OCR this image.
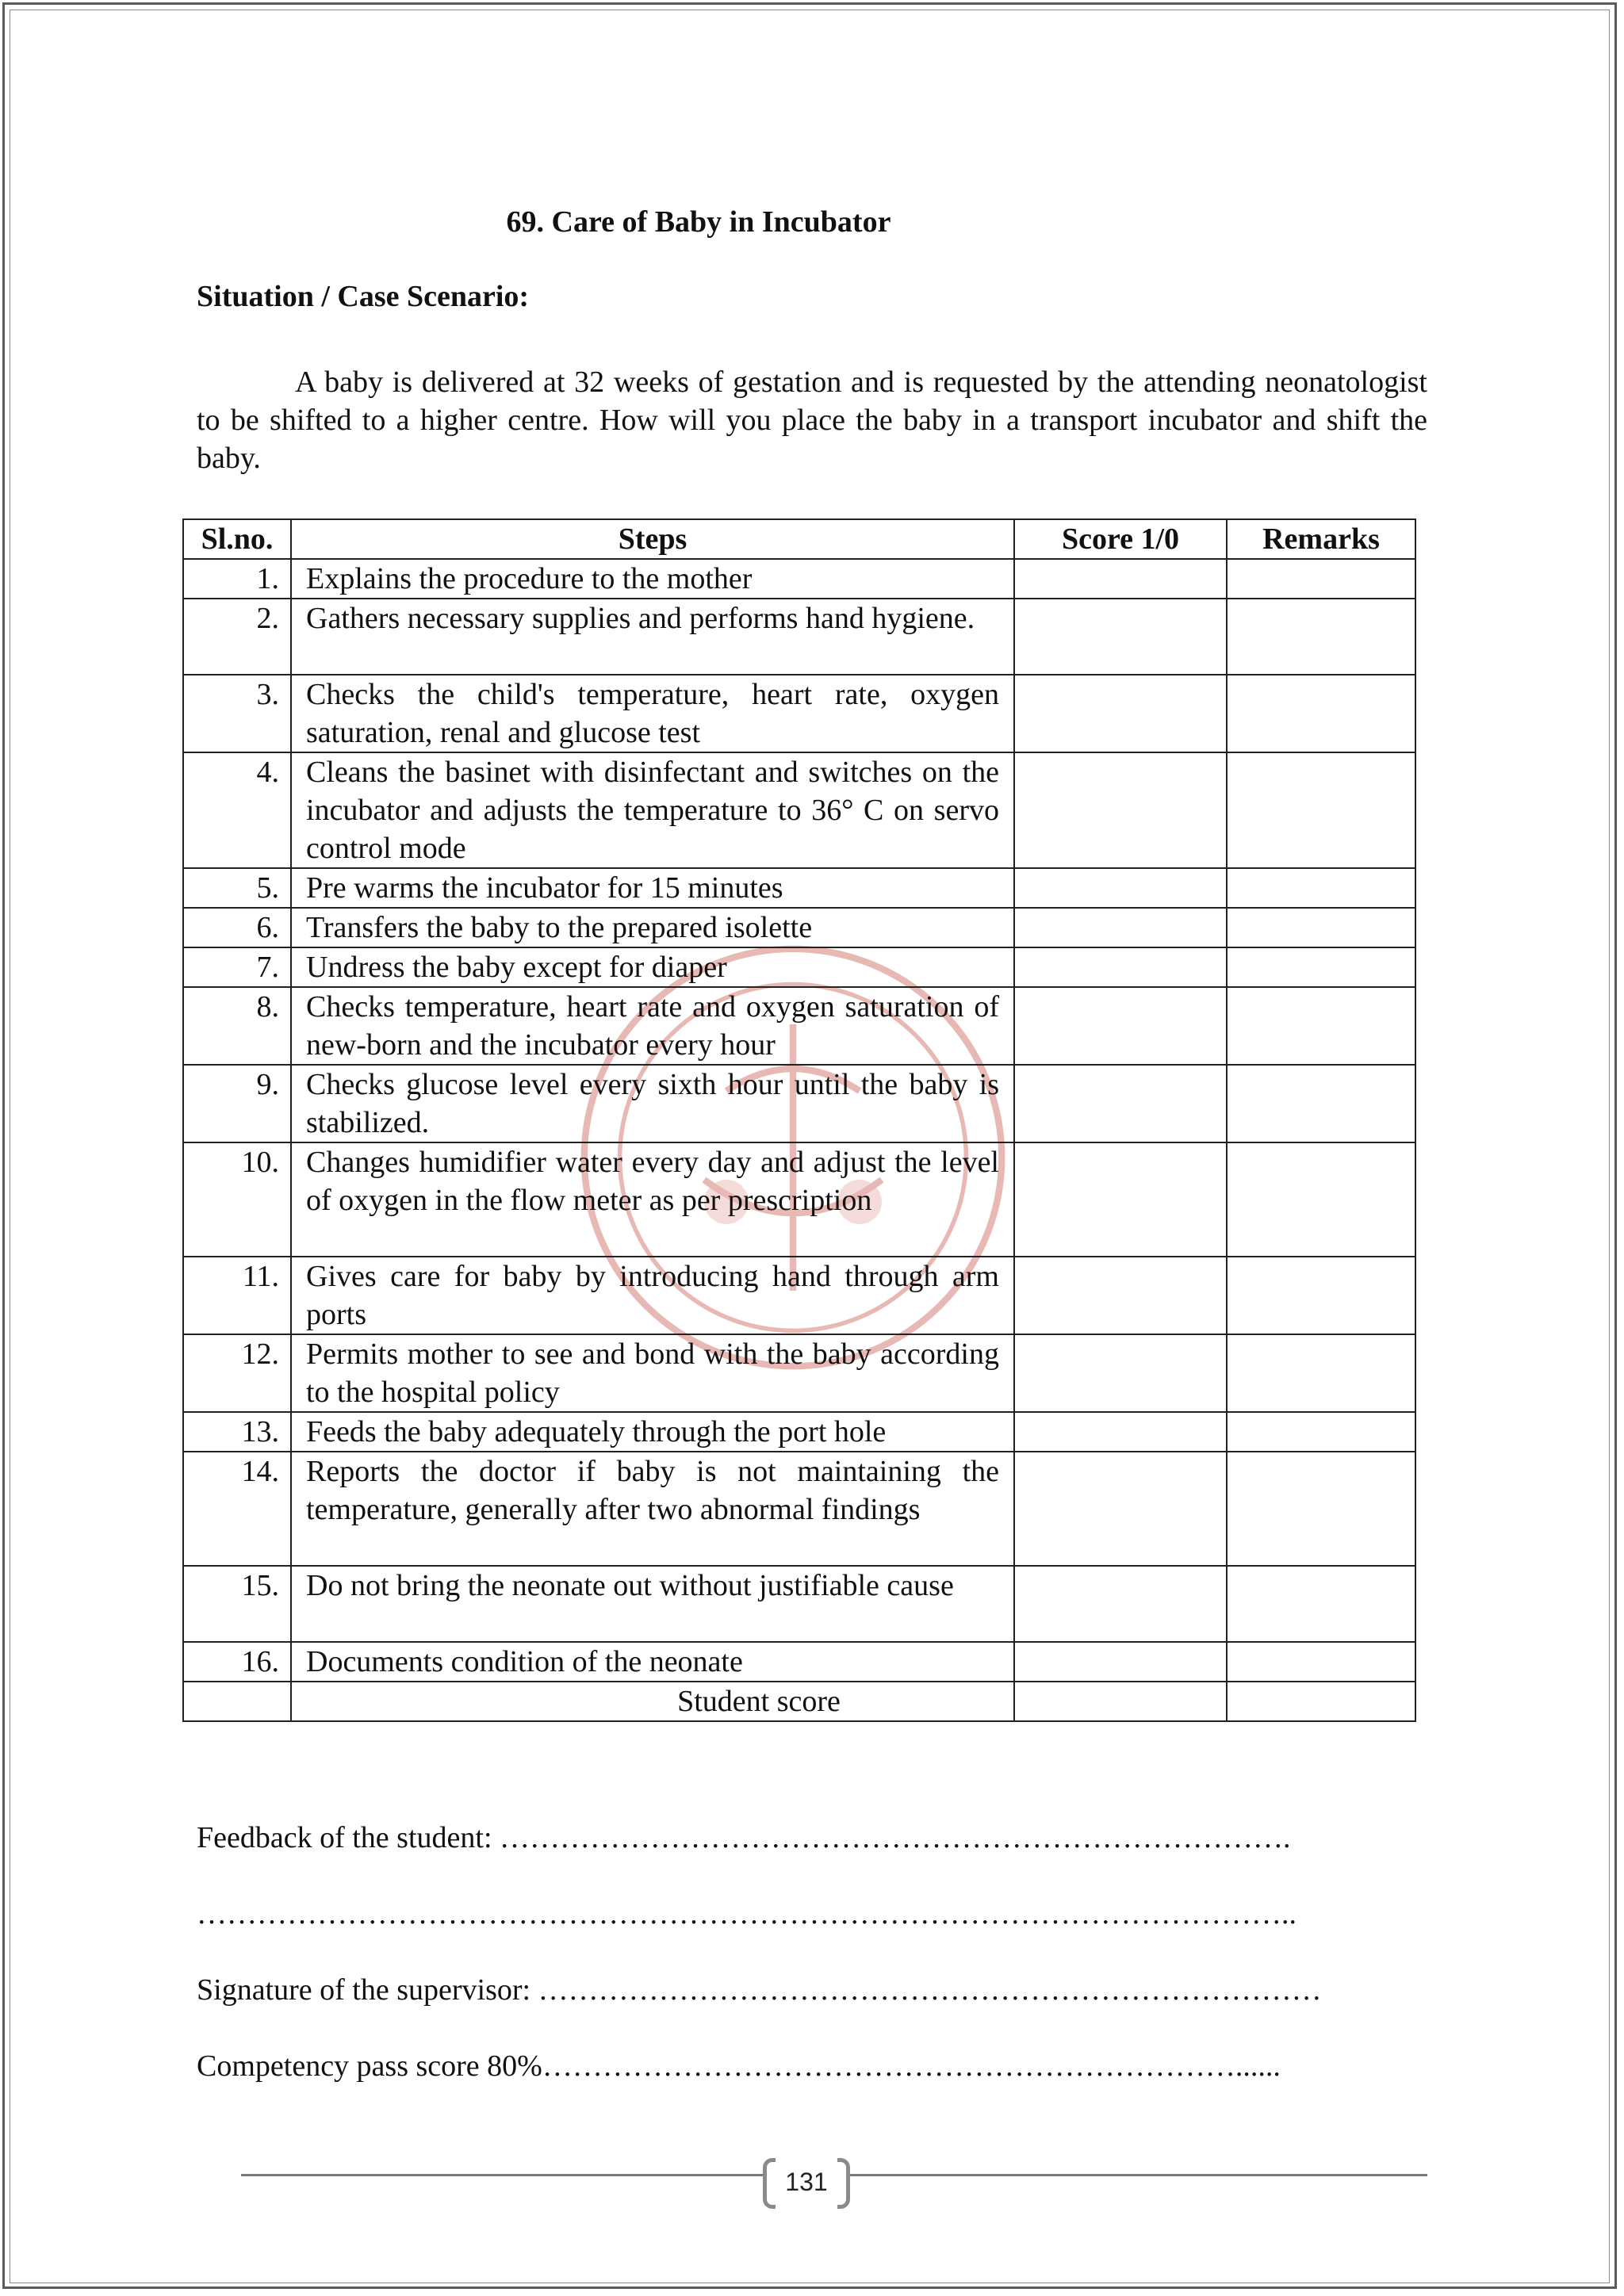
69. Care of Baby in Incubator
Situation / Case Scenario:

A baby is delivered at 32 weeks of gestation and is requested by the attending neonatologist to be shifted to a higher centre. How will you place the baby in a transport incubator and shift the baby.

Sl.no.	Steps	Score 1/0	Remarks
1.	Explains the procedure to the mother		
2.	Gathers necessary supplies and performs hand hygiene.		
3.	Checks the child's temperature, heart rate, oxygen saturation, renal and glucose test		
4.	Cleans the basinet with disinfectant and switches on the incubator and adjusts the temperature to 36° C on servo control mode		
5.	Pre warms the incubator for 15 minutes		
6.	Transfers the baby to the prepared isolette		
7.	Undress the baby except for diaper		
8.	Checks temperature, heart rate and oxygen saturation of new-born and the incubator every hour		
9.	Checks glucose level every sixth hour until the baby is stabilized.		
10.	Changes humidifier water every day and adjust the level of oxygen in the flow meter as per prescription		
11.	Gives care for baby by introducing hand through arm ports		
12.	Permits mother to see and bond with the baby according to the hospital policy		
13.	Feeds the baby adequately through the port hole		
14.	Reports the doctor if baby is not maintaining the temperature, generally after two abnormal findings		
15.	Do not bring the neonate out without justifiable cause		
16.	Documents condition of the neonate		
	Student score		

Feedback of the student: …………………………………………………………………….

………………………………………………………………………………………………..

Signature of the supervisor: ……………………………………………………………………

Competency pass score 80%……………………………………………………………......

131
